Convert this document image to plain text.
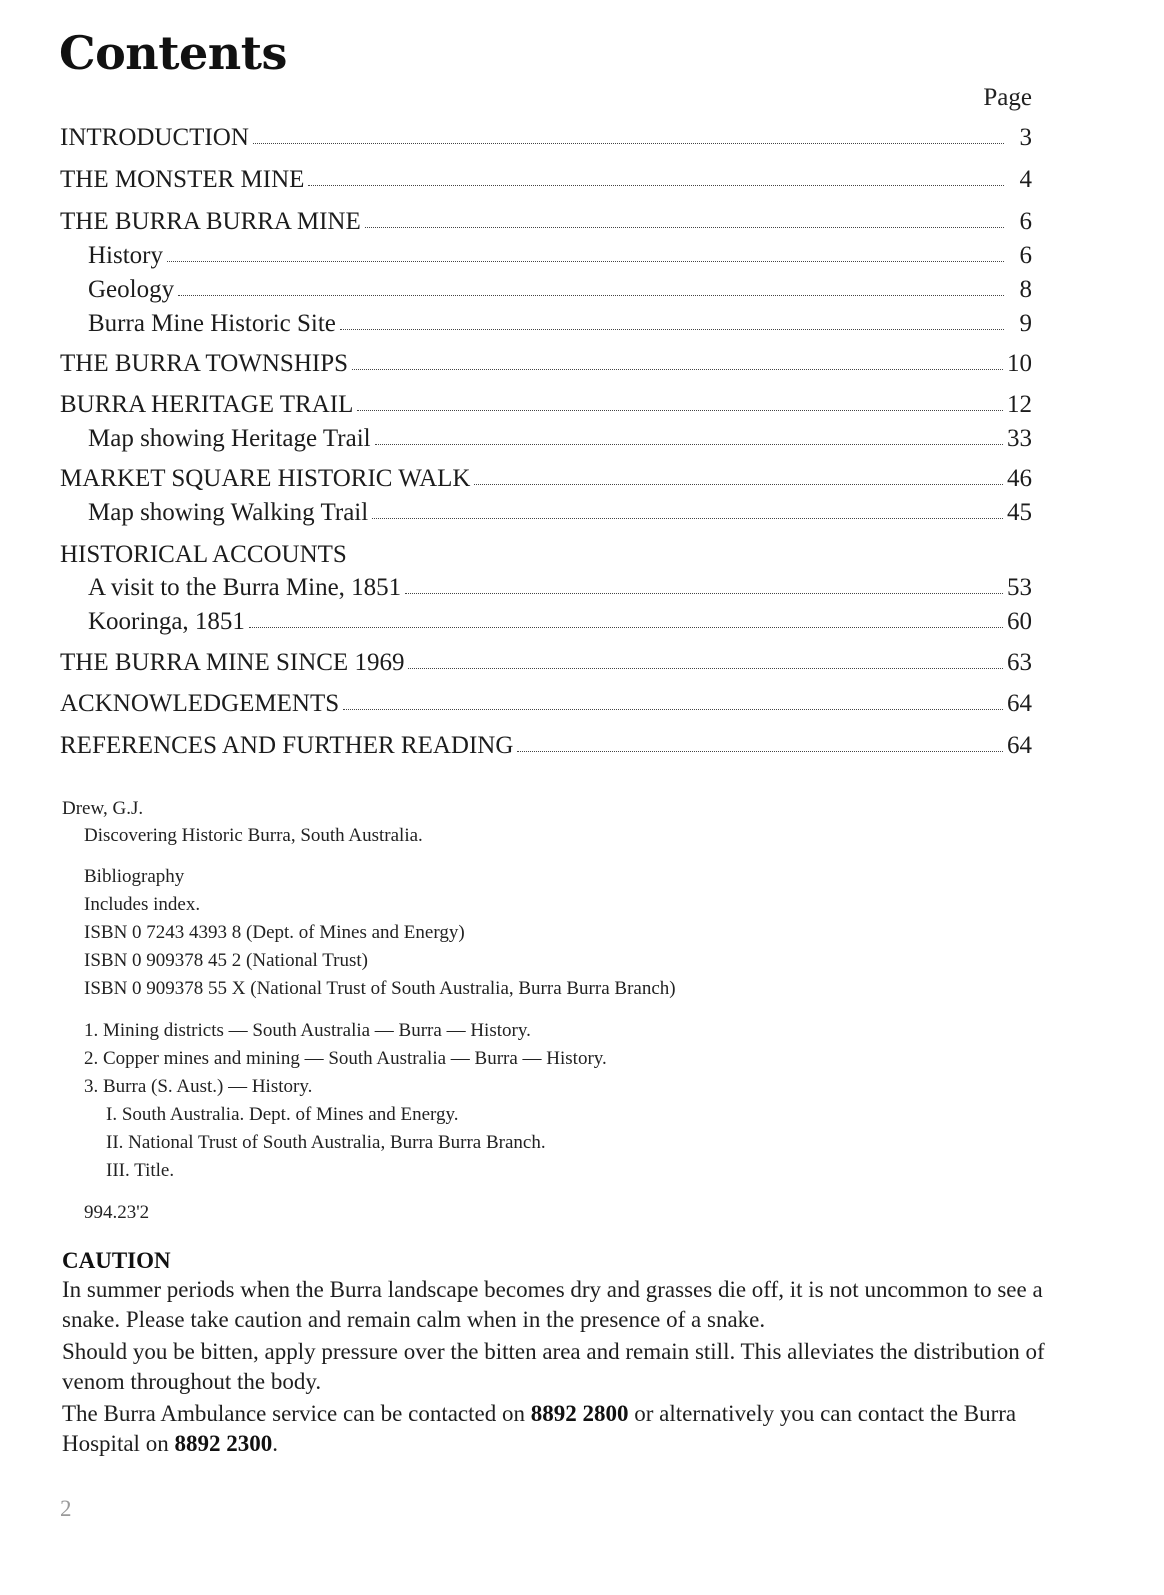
Contents
Page
INTRODUCTION	3
THE MONSTER MINE	4
THE BURRA BURRA MINE	6
History	6
Geology	8
Burra Mine Historic Site	9
THE BURRA TOWNSHIPS	10
BURRA HERITAGE TRAIL	12
Map showing Heritage Trail	33
MARKET SQUARE HISTORIC WALK	46
Map showing Walking Trail	45
HISTORICAL ACCOUNTS
A visit to the Burra Mine, 1851	53
Kooringa, 1851	60
THE BURRA MINE SINCE 1969	63
ACKNOWLEDGEMENTS	64
REFERENCES AND FURTHER READING	64
Drew, G.J.
Discovering Historic Burra, South Australia.
Bibliography
Includes index.
ISBN 0 7243 4393 8 (Dept. of Mines and Energy)
ISBN 0 909378 45 2 (National Trust)
ISBN 0 909378 55 X (National Trust of South Australia, Burra Burra Branch)
1. Mining districts — South Australia — Burra — History.
2. Copper mines and mining — South Australia — Burra — History.
3. Burra (S. Aust.) — History.
I. South Australia. Dept. of Mines and Energy.
II. National Trust of South Australia, Burra Burra Branch.
III. Title.
994.23'2
CAUTION

In summer periods when the Burra landscape becomes dry and grasses die off, it is not uncommon to see a snake. Please take caution and remain calm when in the presence of a snake.

Should you be bitten, apply pressure over the bitten area and remain still. This alleviates the distribution of venom throughout the body.

The Burra Ambulance service can be contacted on 8892 2800 or alternatively you can contact the Burra Hospital on 8892 2300.

2
